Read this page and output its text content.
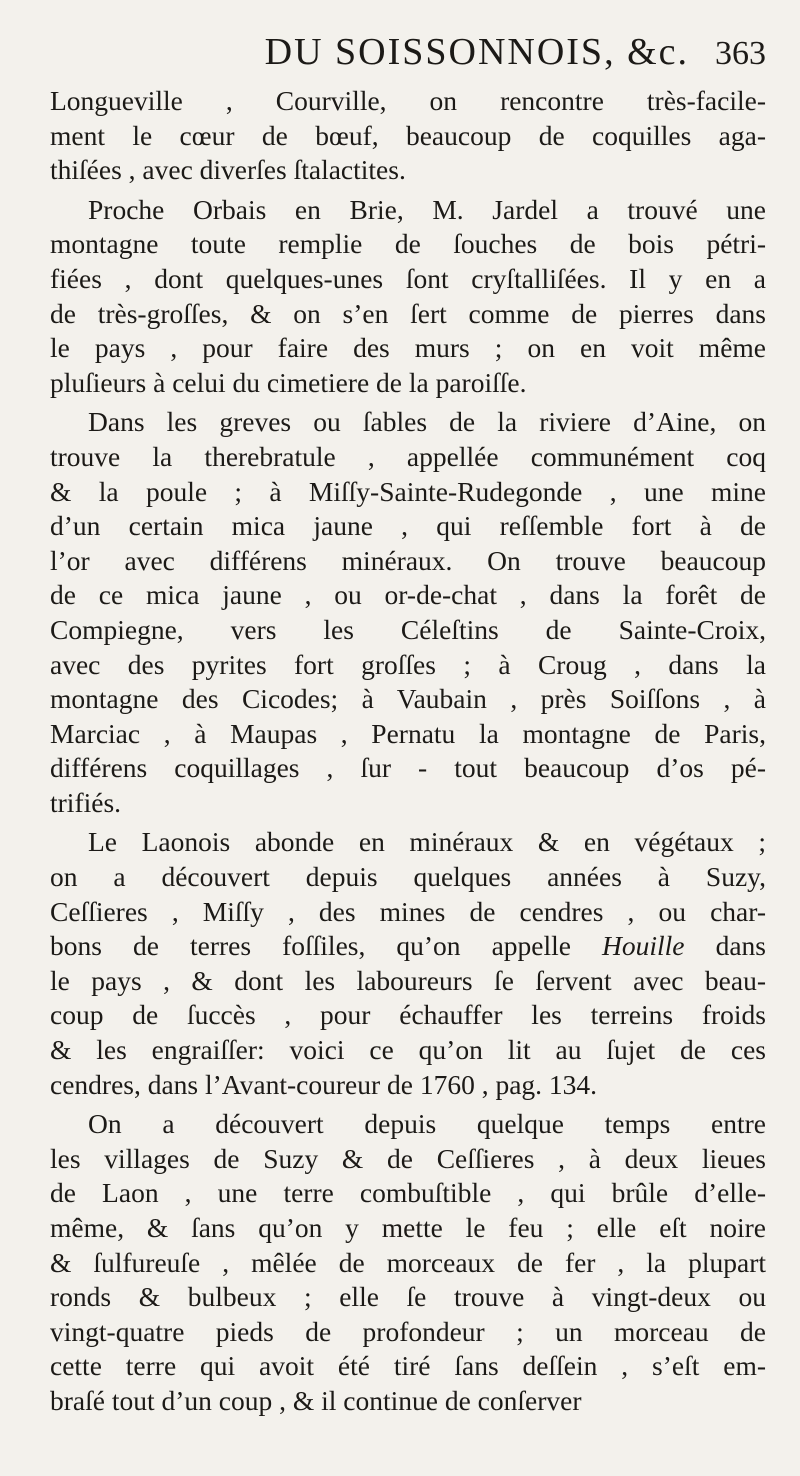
DU SOISSONNOIS, &c. 363

Longueville , Courville, on rencontre très-facile-
ment le cœur de bœuf, beaucoup de coquilles aga-
thiſées , avec diverſes ſtalactites.

Proche Orbais en Brie, M. Jardel a trouvé une
montagne toute remplie de ſouches de bois pétri-
fiées , dont quelques-unes ſont cryſtalliſées. Il y en a
de très-groſſes, & on s’en ſert comme de pierres dans
le pays , pour faire des murs ; on en voit même
pluſieurs à celui du cimetiere de la paroiſſe.

Dans les greves ou ſables de la riviere d’Aine, on
trouve la therebratule , appellée communément coq
& la poule ; à Miſſy-Sainte-Rudegonde , une mine
d’un certain mica jaune , qui reſſemble fort à de
l’or avec différens minéraux. On trouve beaucoup
de ce mica jaune , ou or-de-chat , dans la forêt de
Compiegne, vers les Céleſtins de Sainte-Croix,
avec des pyrites fort groſſes ; à Croug , dans la
montagne des Cicodes; à Vaubain , près Soiſſons , à
Marciac , à Maupas , Pernatu la montagne de Paris,
différens coquillages , ſur - tout beaucoup d’os pé-
trifiés.

Le Laonois abonde en minéraux & en végétaux ;
on a découvert depuis quelques années à Suzy,
Ceſſieres , Miſſy , des mines de cendres , ou char-
bons de terres foſſiles, qu’on appelle Houille dans
le pays , & dont les laboureurs ſe ſervent avec beau-
coup de ſuccès , pour échauffer les terreins froids
& les engraiſſer: voici ce qu’on lit au ſujet de ces
cendres, dans l’Avant-coureur de 1760 , pag. 134.

On a découvert depuis quelque temps entre
les villages de Suzy & de Ceſſieres , à deux lieues
de Laon , une terre combuſtible , qui brûle d’elle-
même, & ſans qu’on y mette le feu ; elle eſt noire
& ſulfureuſe , mêlée de morceaux de fer , la plupart
ronds & bulbeux ; elle ſe trouve à vingt-deux ou
vingt-quatre pieds de profondeur ; un morceau de
cette terre qui avoit été tiré ſans deſſein , s’eſt em-
braſé tout d’un coup , & il continue de conſerver
